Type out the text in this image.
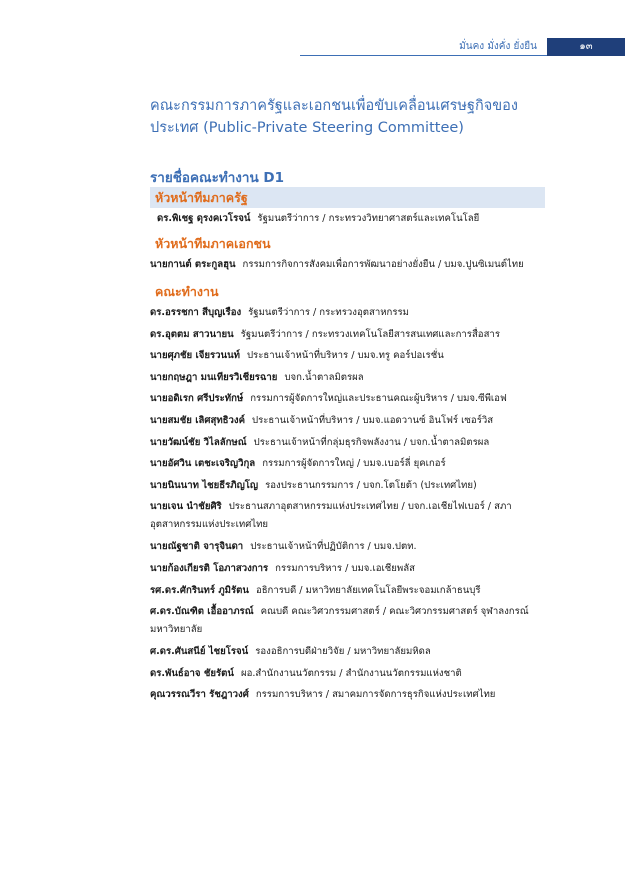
มั่นคง มั่งคั่ง ยั่งยืน	๑๓
คณะกรรมการภาครัฐและเอกชนเพื่อขับเคลื่อนเศรษฐกิจของประเทศ (Public-Private Steering Committee)
รายชื่อคณะทำงาน D1
หัวหน้าทีมภาครัฐ
ดร.พิเชฐ ดุรงคเวโรจน์ รัฐมนตรีว่าการ / กระทรวงวิทยาศาสตร์และเทคโนโลยี
หัวหน้าทีมภาคเอกชน
นายกานต์ ตระกูลฮุน กรรมการกิจการสังคมเพื่อการพัฒนาอย่างยั่งยืน / บมจ.ปูนซิเมนต์ไทย
คณะทำงาน
ดร.อรรชกา สีบุญเรือง รัฐมนตรีว่าการ / กระทรวงอุตสาหกรรม
ดร.อุตตม สาวนายน รัฐมนตรีว่าการ / กระทรวงเทคโนโลยีสารสนเทศและการสื่อสาร
นายศุภชัย เจียรวนนท์ ประธานเจ้าหน้าที่บริหาร / บมจ.ทรู คอร์ปอเรชั่น
นายกฤษฎา มนเทียรวิเชียรฉาย บจก.น้ำตาลมิตรผล
นายอดิเรก ศรีประทักษ์ กรรมการผู้จัดการใหญ่และประธานคณะผู้บริหาร / บมจ.ซีพีเอฟ
นายสมชัย เลิศสุทธิวงค์ ประธานเจ้าหน้าที่บริหาร / บมจ.แอดวานซ์ อินโฟร์ เซอร์วิส
นายวัฒน์ชัย วิไลลักษณ์ ประธานเจ้าหน้าที่กลุ่มธุรกิจพลังงาน / บจก.น้ำตาลมิตรผล
นายอัศวิน เตชะเจริญวิกุล กรรมการผู้จัดการใหญ่ / บมจ.เบอร์ลี่ ยุคเกอร์
นายนินนาท ไชยธีรภิญโญ รองประธานกรรมการ / บจก.โตโยต้า (ประเทศไทย)
นายเจน นำชัยศิริ ประธานสภาอุตสาหกรรมแห่งประเทศไทย / บจก.เอเชียไฟเบอร์ / สภาอุตสาหกรรมแห่งประเทศไทย
นายณัฐชาติ จารุจินดา ประธานเจ้าหน้าที่ปฏิบัติการ / บมจ.ปตท.
นายก้องเกียรติ โอภาสวงการ กรรมการบริหาร / บมจ.เอเชียพลัส
รศ.ดร.ศักรินทร์ ภูมิรัตน อธิการบดี / มหาวิทยาลัยเทคโนโลยีพระจอมเกล้าธนบุรี
ศ.ดร.บัณฑิต เอื้ออาภรณ์ คณบดี คณะวิศวกรรมศาสตร์ / คณะวิศวกรรมศาสตร์ จุฬาลงกรณ์มหาวิทยาลัย
ศ.ดร.ศันสนีย์ ไชยโรจน์ รองอธิการบดีฝ่ายวิจัย / มหาวิทยาลัยมหิดล
ดร.พันธ์อาจ ชัยรัตน์ ผอ.สำนักงานนวัตกรรม / สำนักงานนวัตกรรมแห่งชาติ
คุณวรรณวีรา รัชฎาวงศ์ กรรมการบริหาร / สมาคมการจัดการธุรกิจแห่งประเทศไทย
